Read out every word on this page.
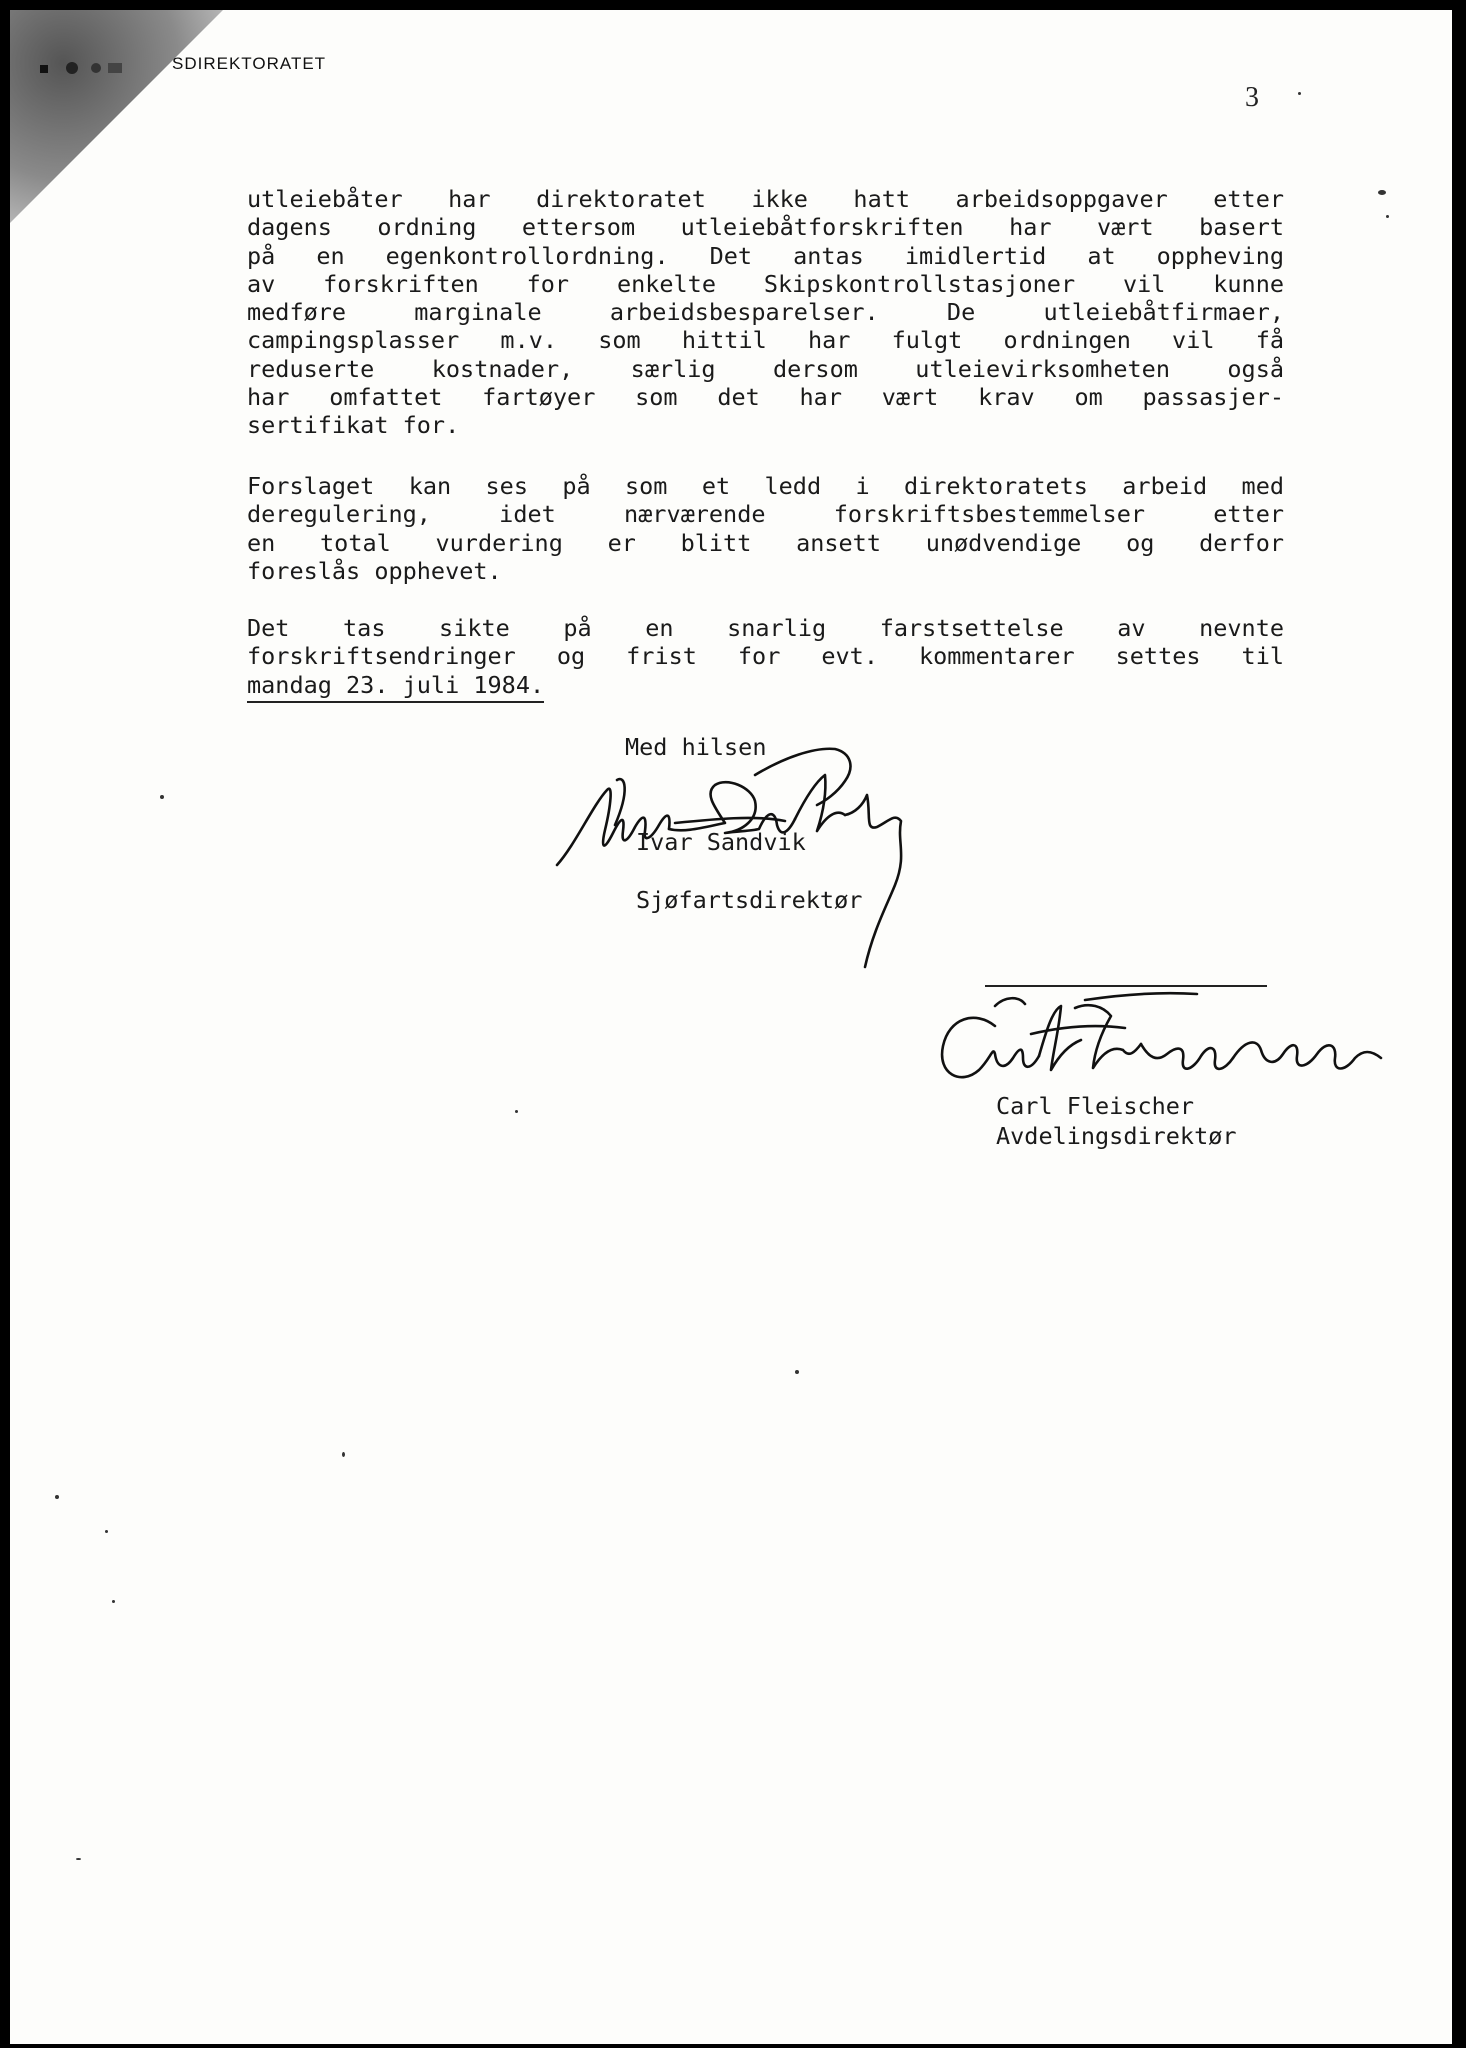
SDIREKTORATET
3
utleiebåter har direktoratet ikke hatt arbeidsoppgaver etter
dagens ordning ettersom utleiebåtforskriften har vært basert
på en egenkontrollordning. Det antas imidlertid at oppheving
av forskriften for enkelte Skipskontrollstasjoner vil kunne
medføre marginale arbeidsbesparelser. De utleiebåtfirmaer,
campingsplasser m.v. som hittil har fulgt ordningen vil få
reduserte kostnader, særlig dersom utleievirksomheten også
har omfattet fartøyer som det har vært krav om passasjer-
sertifikat for.
Forslaget kan ses på som et ledd i direktoratets arbeid med
deregulering, idet nærværende forskriftsbestemmelser etter
en total vurdering er blitt ansett unødvendige og derfor
foreslås opphevet.
Det tas sikte på en snarlig farstsettelse av nevnte
forskriftsendringer og frist for evt. kommentarer settes til
mandag 23. juli 1984.
Med hilsen
Ivar Sandvik
Sjøfartsdirektør
Carl Fleischer
Avdelingsdirektør
